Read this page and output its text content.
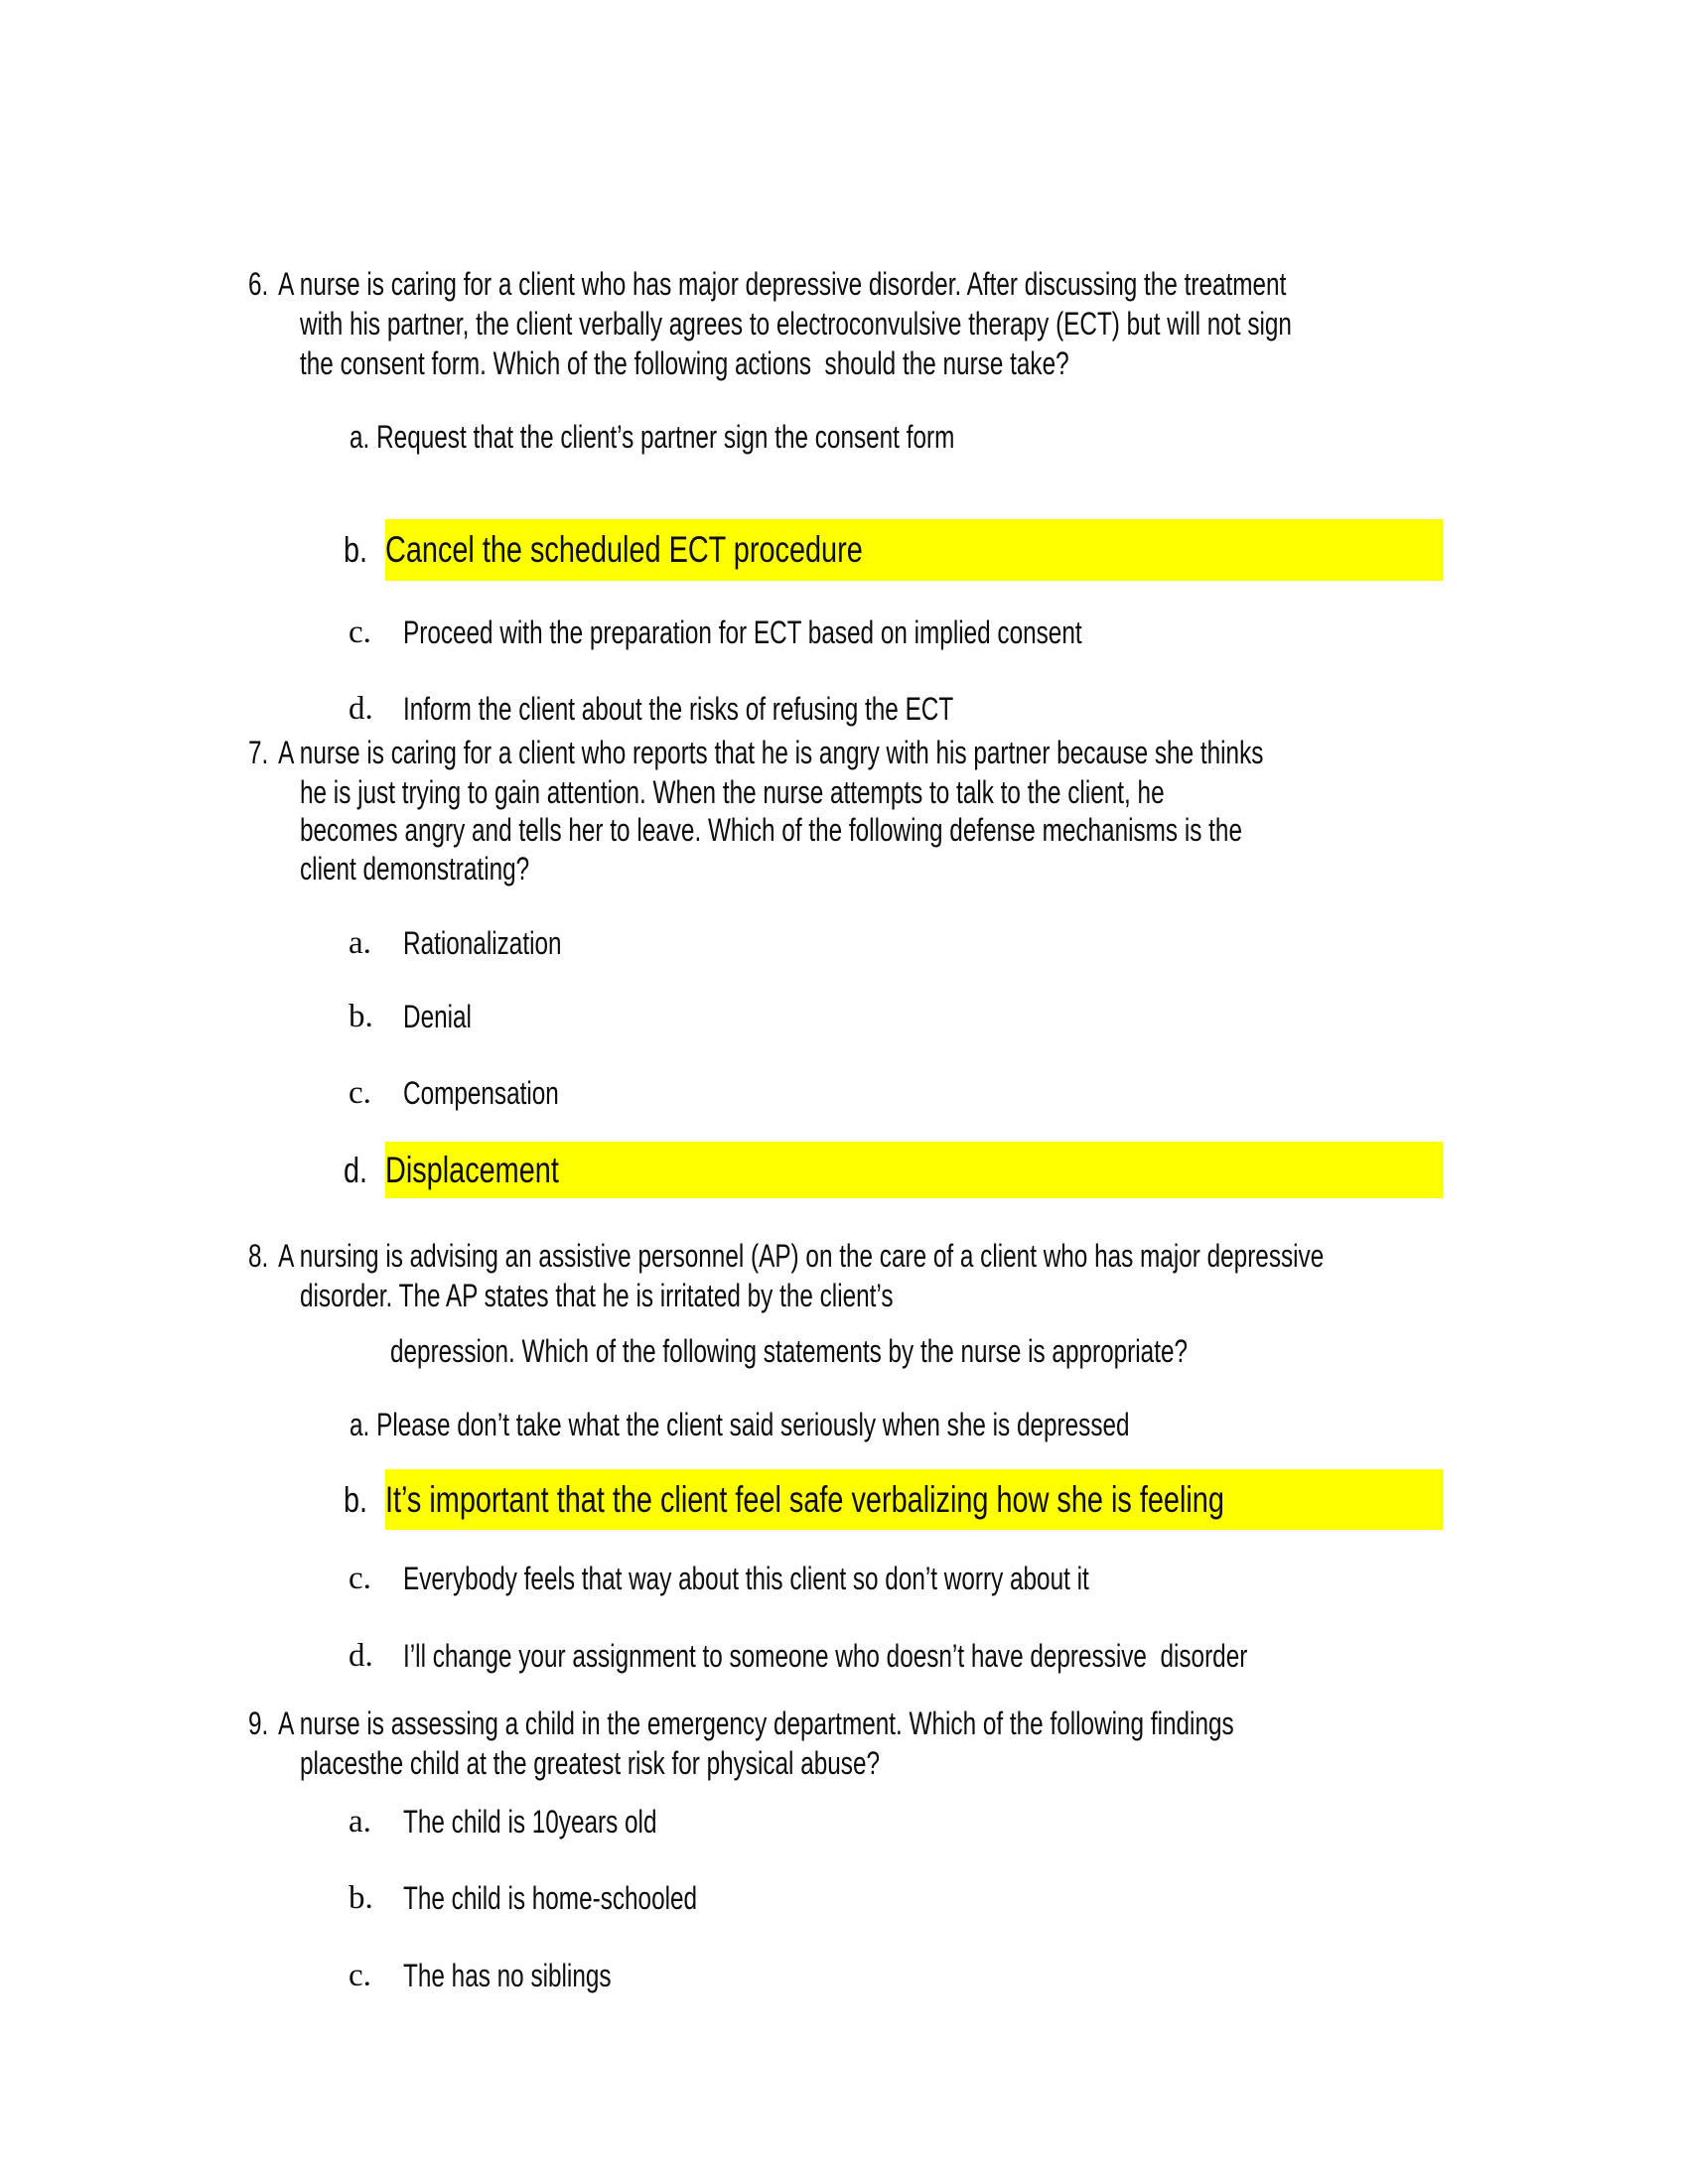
6. A nurse is caring for a client who has major depressive disorder. After discussing the treatment
with his partner, the client verbally agrees to electroconvulsive therapy (ECT) but will not sign
the consent form. Which of the following actions  should the nurse take?
a. Request that the client’s partner sign the consent form
b. Cancel the scheduled ECT procedure
c. Proceed with the preparation for ECT based on implied consent
d. Inform the client about the risks of refusing the ECT
7. A nurse is caring for a client who reports that he is angry with his partner because she thinks
he is just trying to gain attention. When the nurse attempts to talk to the client, he
becomes angry and tells her to leave. Which of the following defense mechanisms is the
client demonstrating?
a. Rationalization
b. Denial
c. Compensation
d. Displacement
8. A nursing is advising an assistive personnel (AP) on the care of a client who has major depressive
disorder. The AP states that he is irritated by the client’s
depression. Which of the following statements by the nurse is appropriate?
a. Please don’t take what the client said seriously when she is depressed
b. It’s important that the client feel safe verbalizing how she is feeling
c. Everybody feels that way about this client so don’t worry about it
d. I’ll change your assignment to someone who doesn’t have depressive  disorder
9. A nurse is assessing a child in the emergency department. Which of the following findings
placesthe child at the greatest risk for physical abuse?
a. The child is 10years old
b. The child is home-schooled
c. The has no siblings
